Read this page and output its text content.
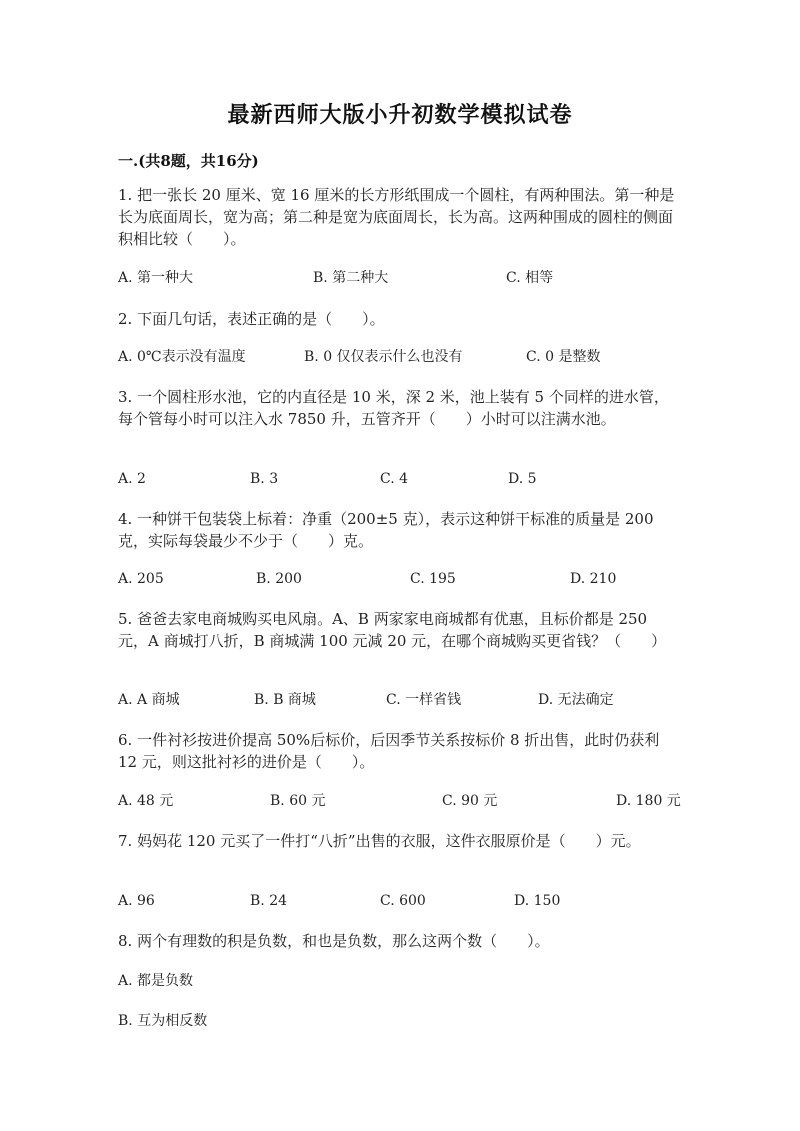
最新西师大版小升初数学模拟试卷
一.(共8题，共16分)
1. 把一张长 20 厘米、宽 16 厘米的长方形纸围成一个圆柱，有两种围法。第一种是长为底面周长，宽为高；第二种是宽为底面周长，长为高。这两种围成的圆柱的侧面积相比较（　　）。
A. 第一种大	B. 第二种大	C. 相等
2. 下面几句话，表述正确的是（　　）。
A. 0℃表示没有温度	B. 0 仅仅表示什么也没有	C. 0 是整数
3. 一个圆柱形水池，它的内直径是 10 米，深 2 米，池上装有 5 个同样的进水管，每个管每小时可以注入水 7850 升，五管齐开（　　）小时可以注满水池。
A. 2	B. 3	C. 4	D. 5
4. 一种饼干包装袋上标着：净重（200±5 克），表示这种饼干标准的质量是 200 克，实际每袋最少不少于（　　）克。
A. 205	B. 200	C. 195	D. 210
5. 爸爸去家电商城购买电风扇。A、B 两家家电商城都有优惠，且标价都是 250 元，A 商城打八折，B 商城满 100 元减 20 元，在哪个商城购买更省钱？（　　）
A. A 商城	B. B 商城	C. 一样省钱	D. 无法确定
6. 一件衬衫按进价提高 50%后标价，后因季节关系按标价 8 折出售，此时仍获利 12 元，则这批衬衫的进价是（　　）。
A. 48 元	B. 60 元	C. 90 元	D. 180 元
7. 妈妈花 120 元买了一件打“八折”出售的衣服，这件衣服原价是（　　）元。
A. 96	B. 24	C. 600	D. 150
8. 两个有理数的积是负数，和也是负数，那么这两个数（　　）。
A. 都是负数
B. 互为相反数
